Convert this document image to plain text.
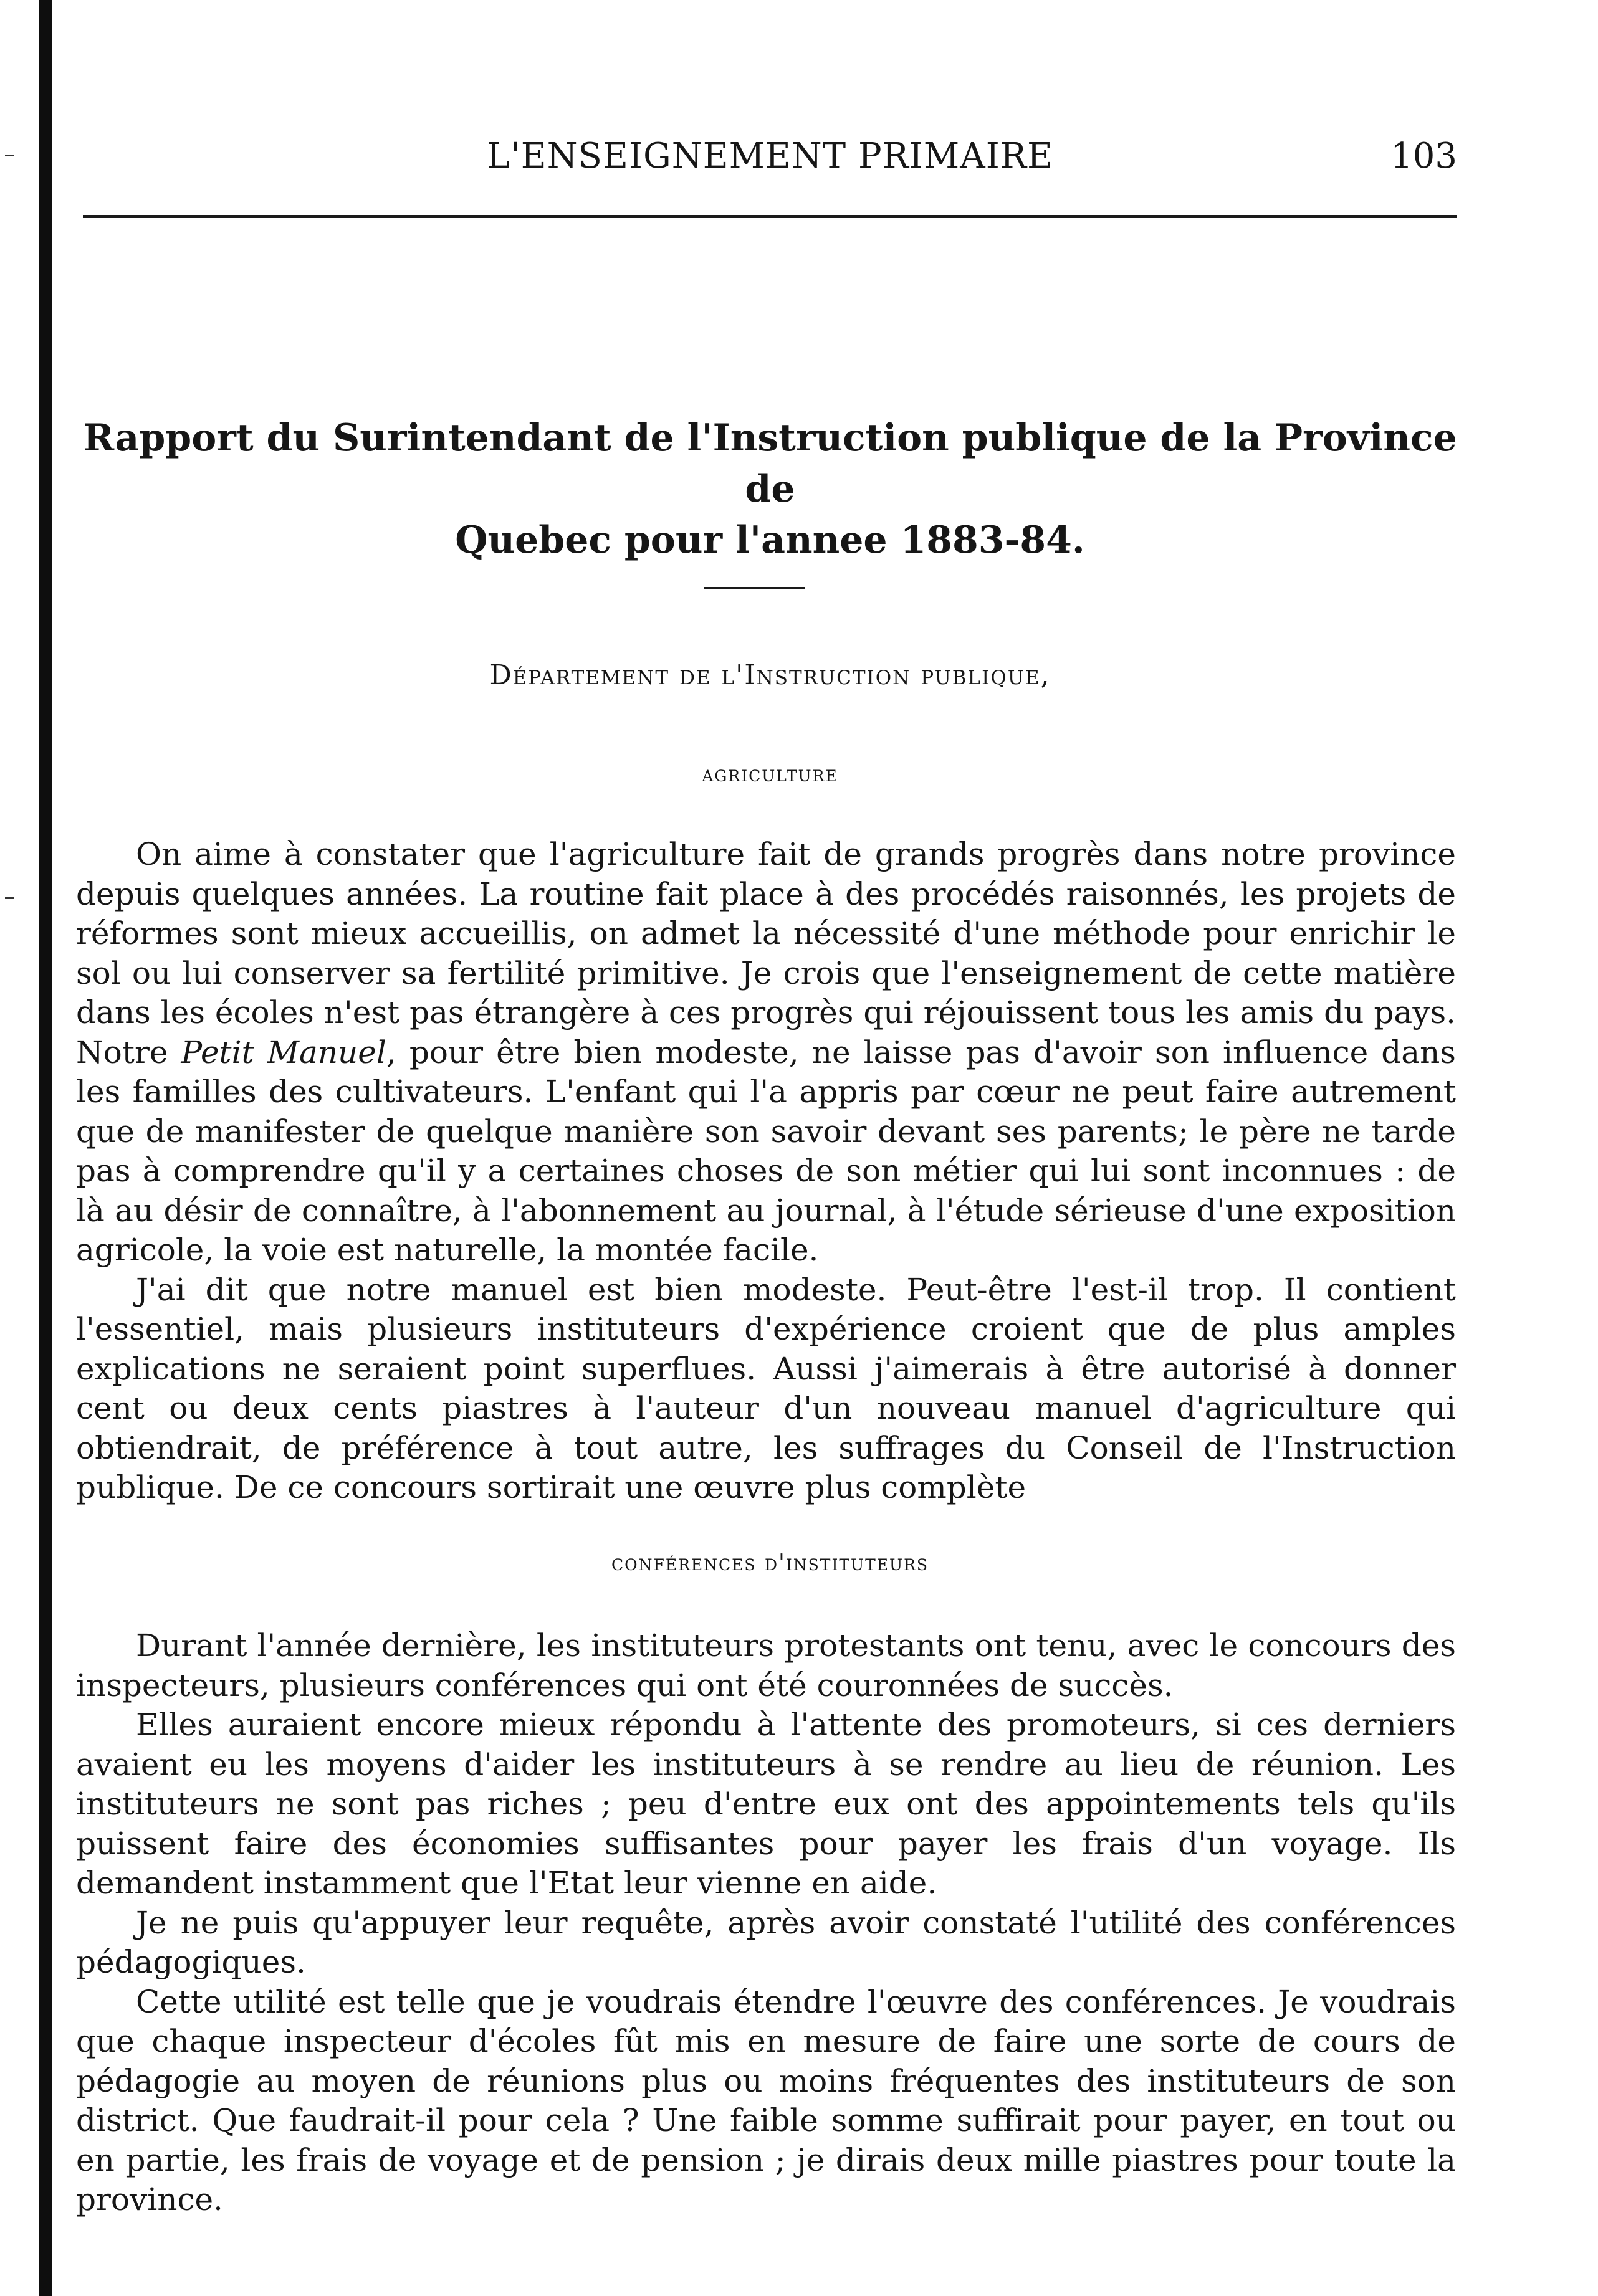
L'ENSEIGNEMENT PRIMAIRE	103
Rapport du Surintendant de l'Instruction publique de la Province de
Quebec pour l'annee 1883-84.
Département de l'Instruction publique,
agriculture

On aime à constater que l'agriculture fait de grands progrès dans notre province depuis quelques années. La routine fait place à des procédés raisonnés, les projets de réformes sont mieux accueillis, on admet la nécessité d'une méthode pour enrichir le sol ou lui conserver sa fertilité primitive. Je crois que l'enseignement de cette matière dans les écoles n'est pas étrangère à ces progrès qui réjouissent tous les amis du pays. Notre Petit Manuel, pour être bien modeste, ne laisse pas d'avoir son influence dans les familles des cultivateurs. L'enfant qui l'a appris par cœur ne peut faire autrement que de manifester de quelque manière son savoir devant ses parents; le père ne tarde pas à comprendre qu'il y a certaines choses de son métier qui lui sont inconnues : de là au désir de connaître, à l'abonnement au journal, à l'étude sérieuse d'une exposition agricole, la voie est naturelle, la montée facile.

J'ai dit que notre manuel est bien modeste. Peut-être l'est-il trop. Il contient l'essentiel, mais plusieurs instituteurs d'expérience croient que de plus amples explications ne seraient point superflues. Aussi j'aimerais à être autorisé à donner cent ou deux cents piastres à l'auteur d'un nouveau manuel d'agriculture qui obtiendrait, de préférence à tout autre, les suffrages du Conseil de l'Instruction publique. De ce concours sortirait une œuvre plus complète

conférences d'instituteurs

Durant l'année dernière, les instituteurs protestants ont tenu, avec le concours des inspecteurs, plusieurs conférences qui ont été couronnées de succès.

Elles auraient encore mieux répondu à l'attente des promoteurs, si ces derniers avaient eu les moyens d'aider les instituteurs à se rendre au lieu de réunion. Les instituteurs ne sont pas riches ; peu d'entre eux ont des appointements tels qu'ils puissent faire des économies suffisantes pour payer les frais d'un voyage. Ils demandent instamment que l'Etat leur vienne en aide.

Je ne puis qu'appuyer leur requête, après avoir constaté l'utilité des conférences pédagogiques.

Cette utilité est telle que je voudrais étendre l'œuvre des conférences. Je voudrais que chaque inspecteur d'écoles fût mis en mesure de faire une sorte de cours de pédagogie au moyen de réunions plus ou moins fréquentes des instituteurs de son district. Que faudrait-il pour cela ? Une faible somme suffirait pour payer, en tout ou en partie, les frais de voyage et de pension ; je dirais deux mille piastres pour toute la province.
